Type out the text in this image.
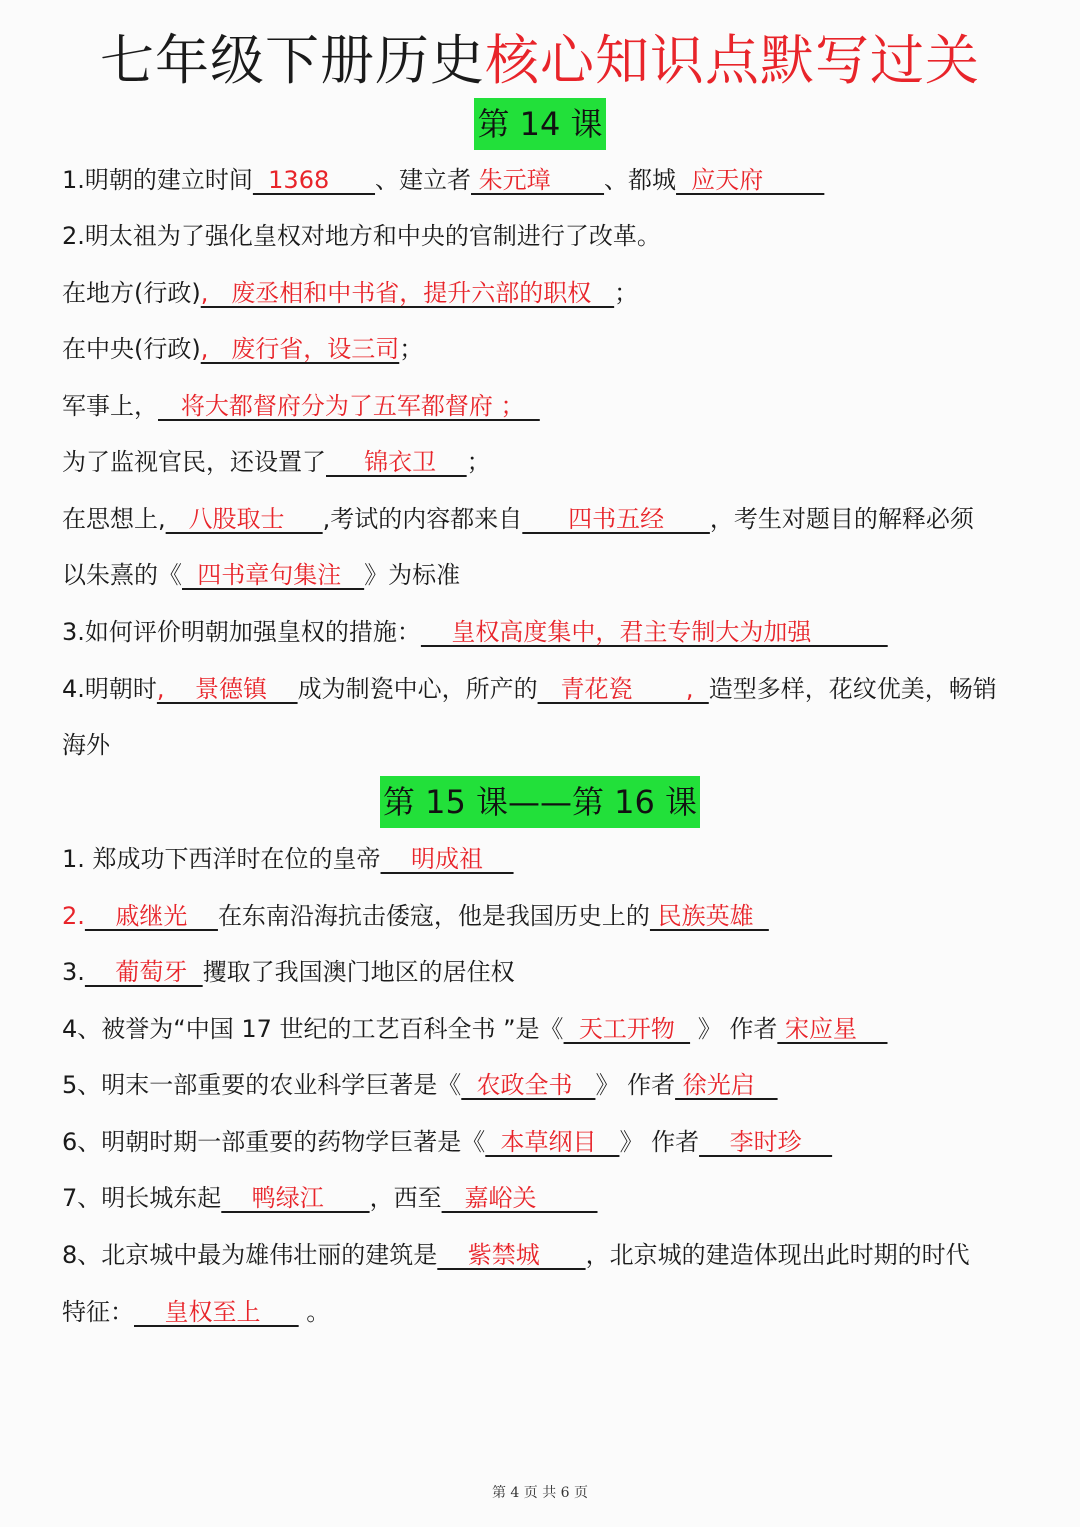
七年级下册历史核心知识点默写过关
第 14 课
1.明朝的建立时间  1368      、建立者 朱元璋       、都城  应天府
2.明太祖为了强化皇权对地方和中央的官制进行了改革。
在地方(行政),   废丞相和中书省，提升六部的职权   ；
在中央(行政),   废行省，设三司；
军事上，   将大都督府分为了五军都督府 ；
为了监视官民，还设置了     锦衣卫    ；
在思想上,   八股取士     ,考试的内容都来自      四书五经      ，考生对题目的解释必须
以朱熹的《  四书章句集注   》为标准
3.如何评价明朝加强皇权的措施：    皇权高度集中，君主专制大为加强
4.明朝时,    景德镇    成为制瓷中心，所产的   青花瓷       ,  造型多样，花纹优美，畅销
海外
第 15 课——第 16 课
1. 郑成功下西洋时在位的皇帝    明成祖
2.    戚继光    在东南沿海抗击倭寇，他是我国历史上的 民族英雄
3.    葡萄牙  攫取了我国澳门地区的居住权
4、被誉为“中国 17 世纪的工艺百科全书 ”是《  天工开物   》 作者 宋应星
5、明末一部重要的农业科学巨著是《  农政全书   》 作者 徐光启
6、明朝时期一部重要的药物学巨著是《  本草纲目   》 作者    李时珍
7、明长城东起    鸭绿江      ，西至   嘉峪关
8、北京城中最为雄伟壮丽的建筑是    紫禁城      ，北京城的建造体现出此时期的时代
特征：    皇权至上      。
第 4 页 共 6 页
